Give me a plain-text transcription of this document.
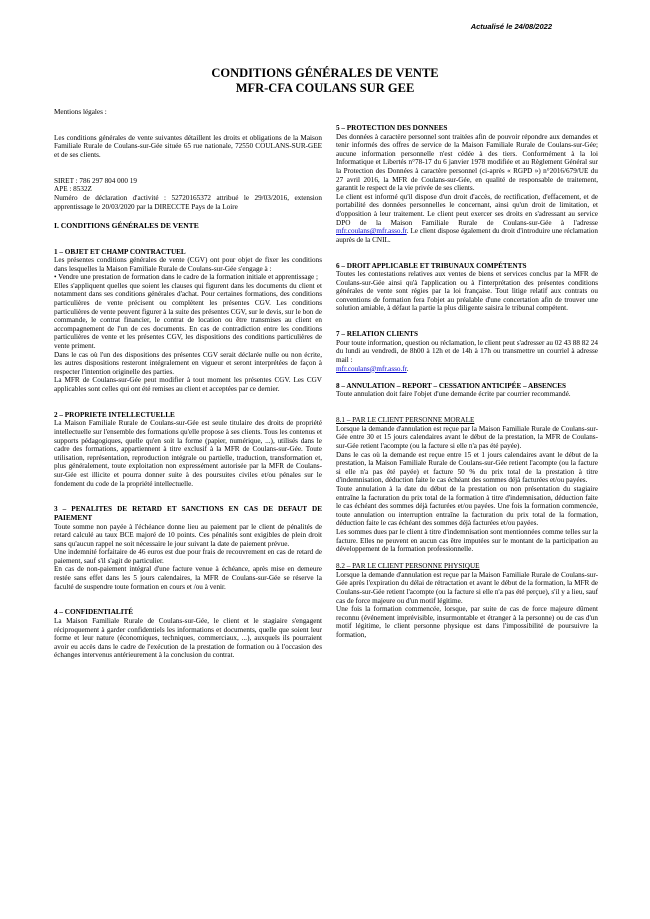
Actualisé le 24/08/2022
CONDITIONS GÉNÉRALES DE VENTE
MFR-CFA COULANS SUR GEE

Mentions légales :

Les conditions générales de vente suivantes détaillent les droits et obligations de la Maison Familiale Rurale de Coulans-sur-Gée située 65 rue nationale, 72550 COULANS-SUR-GEE et de ses clients.

SIRET : 786 297 804 000 19

APE : 8532Z

Numéro de déclaration d'activité : 52720165372 attribué le 29/03/2016, extension apprentissage le 20/03/2020 par la DIRECCTE Pays de la Loire

I. CONDITIONS GÉNÉRALES DE VENTE

1 – OBJET ET CHAMP CONTRACTUEL

Les présentes conditions générales de vente (CGV) ont pour objet de fixer les conditions dans lesquelles la Maison Familiale Rurale de Coulans-sur-Gée s'engage à :

• Vendre une prestation de formation dans le cadre de la formation initiale et apprentissage ;

Elles s'appliquent quelles que soient les clauses qui figurent dans les documents du client et notamment dans ses conditions générales d'achat. Pour certaines formations, des conditions particulières de vente précisent ou complètent les présentes CGV. Les conditions particulières de vente peuvent figurer à la suite des présentes CGV, sur le devis, sur le bon de commande, le contrat financier, le contrat de location ou être transmises au client en accompagnement de l'un de ces documents. En cas de contradiction entre les conditions particulières de vente et les présentes CGV, les dispositions des conditions particulières de vente priment.

Dans le cas où l'un des dispositions des présentes CGV serait déclarée nulle ou non écrite, les autres dispositions resteront intégralement en vigueur et seront interprétées de façon à respecter l'intention originelle des parties.

La MFR de Coulans-sur-Gée peut modifier à tout moment les présentes CGV. Les CGV applicables sont celles qui ont été remises au client et acceptées par ce dernier.

2 – PROPRIETE INTELLECTUELLE

La Maison Familiale Rurale de Coulans-sur-Gée est seule titulaire des droits de propriété intellectuelle sur l'ensemble des formations qu'elle propose à ses clients. Tous les contenus et supports pédagogiques, quelle qu'en soit la forme (papier, numérique, ...), utilisés dans le cadre des formations, appartiennent à titre exclusif à la MFR de Coulans-sur-Gée. Toute utilisation, représentation, reproduction intégrale ou partielle, traduction, transformation et, plus généralement, toute exploitation non expressément autorisée par la MFR de Coulans-sur-Gée est illicite et pourra donner suite à des poursuites civiles et/ou pénales sur le fondement du code de la propriété intellectuelle.

3 – PENALITES DE RETARD ET SANCTIONS EN CAS DE DEFAUT DE PAIEMENT

Toute somme non payée à l'échéance donne lieu au paiement par le client de pénalités de retard calculé au taux BCE majoré de 10 points. Ces pénalités sont exigibles de plein droit sans qu'aucun rappel ne soit nécessaire le jour suivant la date de paiement prévue.

Une indemnité forfaitaire de 46 euros est due pour frais de recouvrement en cas de retard de paiement, sauf s'il s'agit de particulier.

En cas de non-paiement intégral d'une facture venue à échéance, après mise en demeure restée sans effet dans les 5 jours calendaires, la MFR de Coulans-sur-Gée se réserve la faculté de suspendre toute formation en cours et /ou à venir.

4 – CONFIDENTIALITÉ

La Maison Familiale Rurale de Coulans-sur-Gée, le client et le stagiaire s'engagent réciproquement à garder confidentiels les informations et documents, quelle que soient leur forme et leur nature (économiques, techniques, commerciaux, ...), auxquels ils pourraient avoir eu accès dans le cadre de l'exécution de la prestation de formation ou à l'occasion des échanges intervenus antérieurement à la conclusion du contrat.

5 – PROTECTION DES DONNEES

Des données à caractère personnel sont traitées afin de pouvoir répondre aux demandes et tenir informés des offres de service de la Maison Familiale Rurale de Coulans-sur-Gée; aucune information personnelle n'est cédée à des tiers. Conformément à la loi Informatique et Libertés n°78-17 du 6 janvier 1978 modifiée et au Règlement Général sur la Protection des Données à caractère personnel (ci-après « RGPD ») n°2016/679/UE du 27 avril 2016, la MFR de Coulans-sur-Gée, en qualité de responsable de traitement, garantit le respect de la vie privée de ses clients.

Le client est informé qu'il dispose d'un droit d'accès, de rectification, d'effacement, et de portabilité des données personnelles le concernant, ainsi qu'un droit de limitation, et d'opposition à leur traitement. Le client peut exercer ses droits en s'adressant au service DPO de la Maison Familiale Rurale de Coulans-sur-Gée à l'adresse mfr.coulans@mfr.asso.fr. Le client dispose également du droit d'introduire une réclamation auprès de la CNIL.

6 – DROIT APPLICABLE ET TRIBUNAUX COMPÉTENTS

Toutes les contestations relatives aux ventes de biens et services conclus par la MFR de Coulans-sur-Gée ainsi qu'à l'application ou à l'interprétation des présentes conditions générales de vente sont régies par la loi française. Tout litige relatif aux contrats ou conventions de formation fera l'objet au préalable d'une concertation afin de trouver une solution amiable, à défaut la partie la plus diligente saisira le tribunal compétent.

7 – RELATION CLIENTS

Pour toute information, question ou réclamation, le client peut s'adresser au 02 43 88 82 24 du lundi au vendredi, de 8h00 à 12h et de 14h à 17h ou transmettre un courriel à adresse mail :

mfr.coulans@mfr.asso.fr.

8 – ANNULATION – REPORT – CESSATION ANTICIPÉE – ABSENCES

Toute annulation doit faire l'objet d'une demande écrite par courrier recommandé.

8.1 – PAR LE CLIENT PERSONNE MORALE

Lorsque la demande d'annulation est reçue par la Maison Familiale Rurale de Coulans-sur-Gée entre 30 et 15 jours calendaires avant le début de la prestation, la MFR de Coulans-sur-Gée retient l'acompte (ou la facture si elle n'a pas été payée).

Dans le cas où la demande est reçue entre 15 et 1 jours calendaires avant le début de la prestation, la Maison Familiale Rurale de Coulans-sur-Gée retient l'acompte (ou la facture si elle n'a pas été payée) et facture 50 % du prix total de la prestation à titre d'indemnisation, déduction faite le cas échéant des sommes déjà facturées et/ou payées.

Toute annulation à la date du début de la prestation ou non présentation du stagiaire entraîne la facturation du prix total de la formation à titre d'indemnisation, déduction faite le cas échéant des sommes déjà facturées et/ou payées. Une fois la formation commencée, toute annulation ou interruption entraîne la facturation du prix total de la formation, déduction faite le cas échéant des sommes déjà facturées et/ou payées.

Les sommes dues par le client à titre d'indemnisation sont mentionnées comme telles sur la facture. Elles ne peuvent en aucun cas être imputées sur le montant de la participation au développement de la formation professionnelle.

8.2 – PAR LE CLIENT PERSONNE PHYSIQUE

Lorsque la demande d'annulation est reçue par la Maison Familiale Rurale de Coulans-sur-Gée après l'expiration du délai de rétractation et avant le début de la formation, la MFR de Coulans-sur-Gée retient l'acompte (ou la facture si elle n'a pas été perçue), s'il y a lieu, sauf cas de force majeure ou d'un motif légitime.

Une fois la formation commencée, lorsque, par suite de cas de force majeure dûment reconnu (événement imprévisible, insurmontable et étranger à la personne) ou de cas d'un motif légitime, le client personne physique est dans l'impossibilité de poursuivre la formation,
